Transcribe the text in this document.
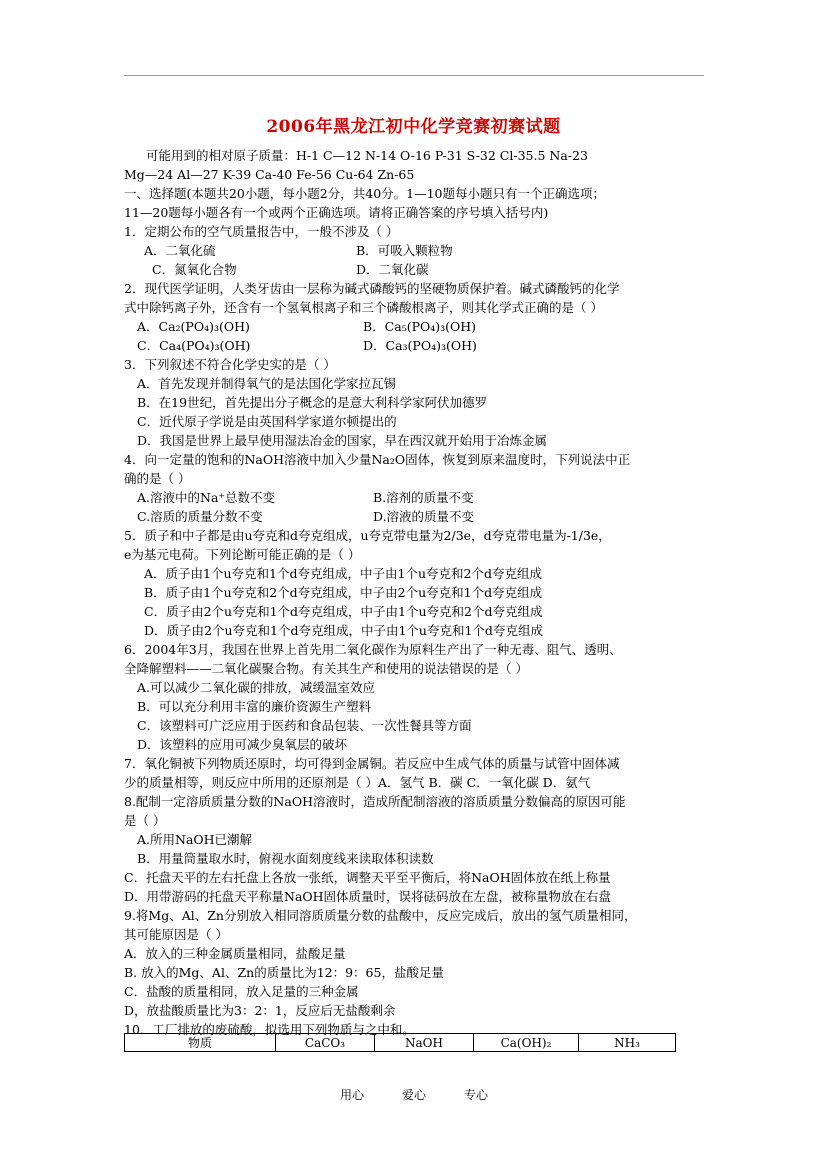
2006年黑龙江初中化学竞赛初赛试题
可能用到的相对原子质量：H-1 C—12 N-14 O-16 P-31 S-32 Cl-35.5 Na-23
Mg—24 Al—27 K-39 Ca-40 Fe-56 Cu-64 Zn-65
一、选择题(本题共20小题，每小题2分，共40分。1—10题每小题只有一个正确选项；
11—20题每小题各有一个或两个正确选项。请将正确答案的序号填入括号内)
1．定期公布的空气质量报告中，一般不涉及（ ）
A．二氧化硫	B．可吸入颗粒物
C．氮氧化合物	D．二氧化碳
2．现代医学证明，人类牙齿由一层称为碱式磷酸钙的坚硬物质保护着。碱式磷酸钙的化学
式中除钙离子外，还含有一个氢氧根离子和三个磷酸根离子，则其化学式正确的是（ ）
A．Ca₂(PO₄)₃(OH)	B．Ca₅(PO₄)₃(OH)
C．Ca₄(PO₄)₃(OH)	D．Ca₃(PO₄)₃(OH)
3．下列叙述不符合化学史实的是（ ）
A．首先发现并制得氧气的是法国化学家拉瓦锡
B．在19世纪，首先提出分子概念的是意大利科学家阿伏加德罗
C．近代原子学说是由英国科学家道尔顿提出的
D．我国是世界上最早使用湿法冶金的国家，早在西汉就开始用于冶炼金属
4．向一定量的饱和的NaOH溶液中加入少量Na₂O固体，恢复到原来温度时，下列说法中正
确的是（ ）
A.溶液中的Na⁺总数不变	B.溶剂的质量不变
C.溶质的质量分数不变	D.溶液的质量不变
5．质子和中子都是由u夸克和d夸克组成，u夸克带电量为2/3e，d夸克带电量为-1/3e，
e为基元电荷。下列论断可能正确的是（ ）
A．质子由1个u夸克和1个d夸克组成，中子由1个u夸克和2个d夸克组成
B．质子由1个u夸克和2个d夸克组成，中子由2个u夸克和1个d夸克组成
C．质子由2个u夸克和1个d夸克组成，中子由1个u夸克和2个d夸克组成
D．质子由2个u夸克和1个d夸克组成，中子由1个u夸克和1个d夸克组成
6．2004年3月，我国在世界上首先用二氧化碳作为原料生产出了一种无毒、阻气、透明、
全降解塑料——二氧化碳聚合物。有关其生产和使用的说法错误的是（ ）
A.可以减少二氧化碳的排放，减缓温室效应
B．可以充分利用丰富的廉价资源生产塑料
C．该塑料可广泛应用于医药和食品包装、一次性餐具等方面
D．该塑料的应用可减少臭氧层的破坏
7．氧化铜被下列物质还原时，均可得到金属铜。若反应中生成气体的质量与试管中固体减
少的质量相等，则反应中所用的还原剂是（ ）A．氢气 B．碳 C．一氧化碳 D．氨气
8.配制一定溶质质量分数的NaOH溶液时，造成所配制溶液的溶质质量分数偏高的原因可能
是（ ）
A.所用NaOH已潮解
B．用量筒量取水时，俯视水面刻度线来读取体积读数
C．托盘天平的左右托盘上各放一张纸，调整天平至平衡后，将NaOH固体放在纸上称量
D．用带游码的托盘天平称量NaOH固体质量时，误将砝码放在左盘，被称量物放在右盘
9.将Mg、Al、Zn分别放入相同溶质质量分数的盐酸中，反应完成后，放出的氢气质量相同，
其可能原因是（ ）
A．放入的三种金属质量相同，盐酸足量
B. 放入的Mg、Al、Zn的质量比为12：9：65，盐酸足量
C．盐酸的质量相同，放入足量的三种金属
D，放盐酸质量比为3：2：1，反应后无盐酸剩余
10．工厂排放的废硫酸，拟选用下列物质与之中和。
物质	CaCO₃	NaOH	Ca(OH)₂	NH₃
用心	爱心	专心
